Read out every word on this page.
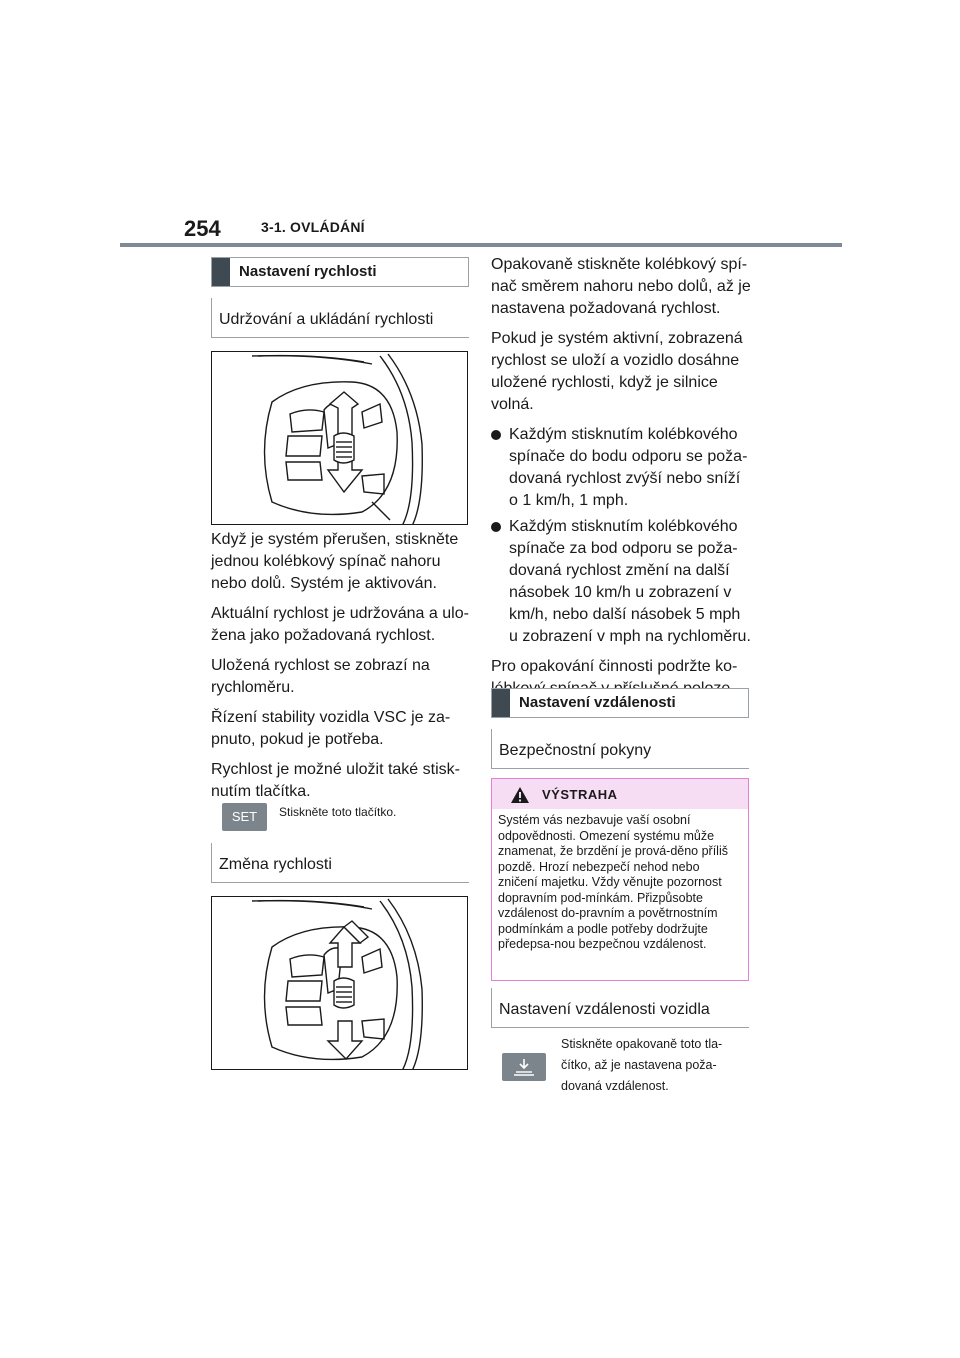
254	3-1. OVLÁDÁNÍ
Nastavení rychlosti
Udržování a ukládání rychlosti

Když je systém přerušen, stiskněte jednou kolébkový spínač nahoru nebo dolů. Systém je aktivován.

Aktuální rychlost je udržována a ulo-žena jako požadovaná rychlost.

Uložená rychlost se zobrazí na rychloměru.

Řízení stability vozidla VSC je za-pnuto, pokud je potřeba.

Rychlost je možné uložit také stisk-nutím tlačítka.

SET	Stiskněte toto tlačítko.
Změna rychlosti

Opakovaně stiskněte kolébkový spí-nač směrem nahoru nebo dolů, až je nastavena požadovaná rychlost.

Pokud je systém aktivní, zobrazená rychlost se uloží a vozidlo dosáhne uložené rychlosti, když je silnice volná.

Každým stisknutím kolébkového spínače do bodu odporu se poža-dovaná rychlost zvýší nebo sníží o 1 km/h, 1 mph.
Každým stisknutím kolébkového spínače za bod odporu se poža-dovaná rychlost změní na další násobek 10 km/h u zobrazení v km/h, nebo další násobek 5 mph u zobrazení v mph na rychloměru.

Pro opakování činnosti podržte ko-

Nastavení vzdálenosti
Bezpečnostní pokyny
VÝSTRAHA
Systém vás nezbavuje vaší osobní odpovědnosti. Omezení systému může znamenat, že brzdění je prová-děno příliš pozdě. Hrozí nebezpečí nehod nebo zničení majetku. Vždy věnujte pozornost dopravním pod-mínkám. Přizpůsobte vzdálenost do-pravním a povětrnostním podmínkám a podle potřeby dodržujte předepsa-nou bezpečnou vzdálenost.
Nastavení vzdálenosti vozidla
Stiskněte opakovaně toto tla-čítko, až je nastavena poža-dovaná vzdálenost.
